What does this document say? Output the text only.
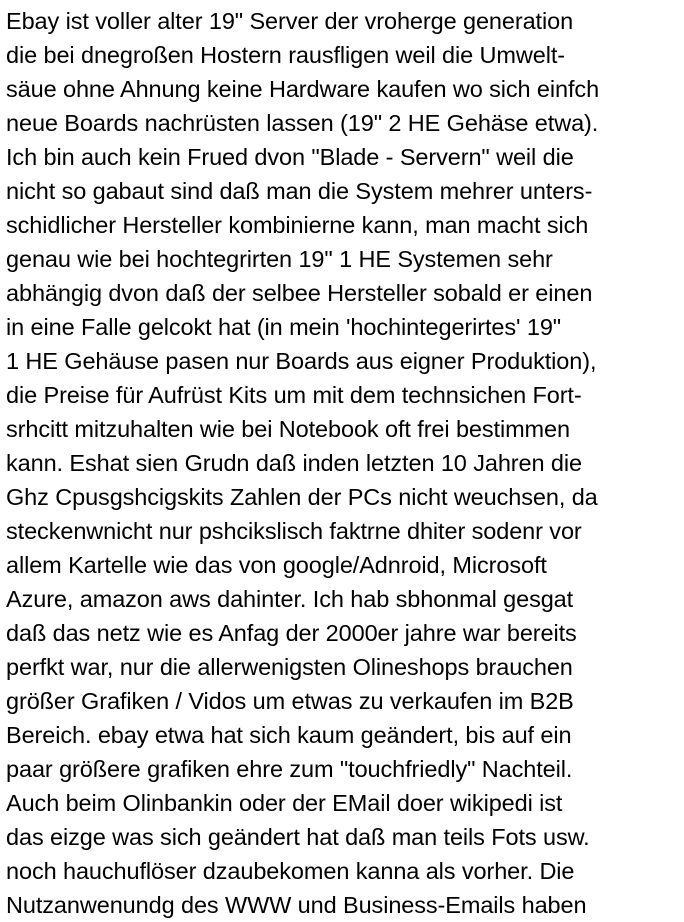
Ebay ist voller alter 19" Server der vroherge generation
die bei dnegroßen Hostern rausfligen weil die Umwelt-
säue ohne Ahnung keine Hardware kaufen wo sich einfch
neue Boards nachrüsten lassen (19" 2 HE Gehäse etwa).
Ich bin auch kein Frued dvon "Blade - Servern" weil die
nicht so gabaut sind daß man die System mehrer unters-
schidlicher Hersteller kombinierne kann, man macht sich
genau wie bei hochtegrirten 19" 1 HE Systemen sehr
abhängig dvon daß der selbee Hersteller sobald er einen
in eine Falle gelcokt hat (in mein 'hochintegerirtes' 19"
1 HE Gehäuse pasen nur Boards aus eigner Produktion),
die Preise für Aufrüst Kits um mit dem technsichen Fort-
srhcitt mitzuhalten wie bei Notebook oft frei bestimmen
kann. Eshat sien Grudn daß inden letzten 10 Jahren die
Ghz Cpusgshcigskits Zahlen der PCs nicht weuchsen, da
steckenwnicht nur pshcikslisch faktrne dhiter sodenr vor
allem Kartelle wie das von google/Adnroid, Microsoft
Azure, amazon aws dahinter. Ich hab sbhonmal gesgat
daß das netz wie es Anfag der 2000er jahre war bereits
perfkt war, nur die allerwenigsten Olineshops brauchen
größer Grafiken / Vidos um etwas zu verkaufen im B2B
Bereich. ebay etwa hat sich kaum geändert, bis auf ein
paar größere grafiken ehre zum "touchfriedly" Nachteil.
Auch beim Olinbankin oder der EMail doer wikipedi ist
das eizge was sich geändert hat daß man teils Fots usw.
noch hauchuflöser dzaubekomen kanna als vorher. Die
Nutzanwenundg des WWW und Business-Emails haben
